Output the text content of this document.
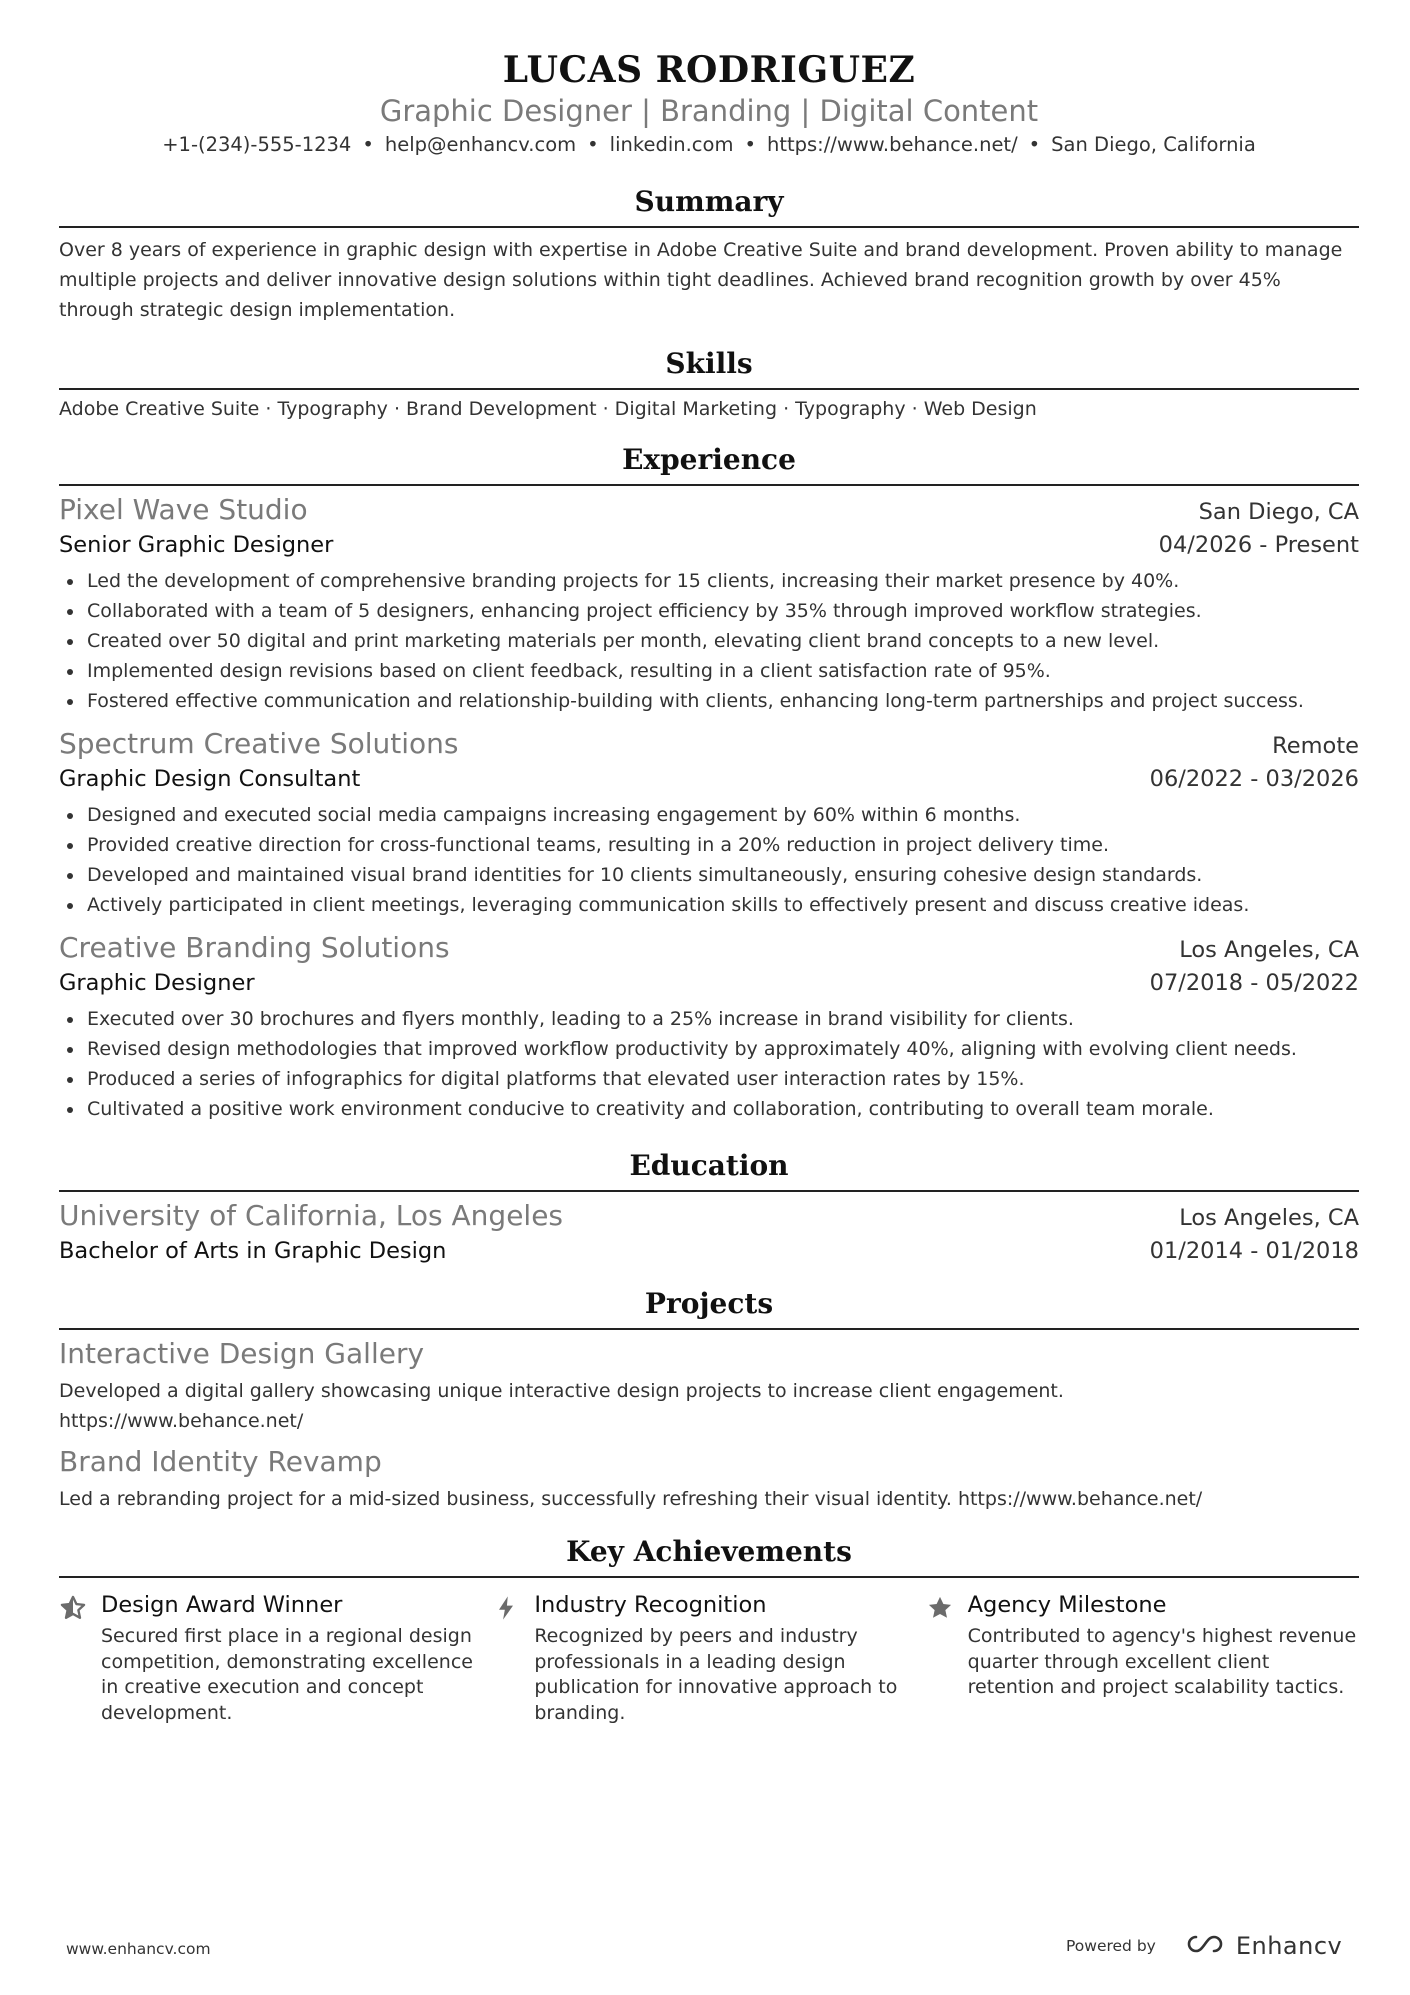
LUCAS RODRIGUEZ
Graphic Designer | Branding | Digital Content
+1-(234)-555-1234 • help@enhancv.com • linkedin.com • https://www.behance.net/ • San Diego, California
Summary
Over 8 years of experience in graphic design with expertise in Adobe Creative Suite and brand development. Proven ability to manage multiple projects and deliver innovative design solutions within tight deadlines. Achieved brand recognition growth by over 45% through strategic design implementation.
Skills
Adobe Creative Suite · Typography · Brand Development · Digital Marketing · Typography · Web Design
Experience
Pixel Wave Studio	San Diego, CA
Senior Graphic Designer	04/2026 - Present
Led the development of comprehensive branding projects for 15 clients, increasing their market presence by 40%.
Collaborated with a team of 5 designers, enhancing project efficiency by 35% through improved workflow strategies.
Created over 50 digital and print marketing materials per month, elevating client brand concepts to a new level.
Implemented design revisions based on client feedback, resulting in a client satisfaction rate of 95%.
Fostered effective communication and relationship-building with clients, enhancing long-term partnerships and project success.
Spectrum Creative Solutions	Remote
Graphic Design Consultant	06/2022 - 03/2026
Designed and executed social media campaigns increasing engagement by 60% within 6 months.
Provided creative direction for cross-functional teams, resulting in a 20% reduction in project delivery time.
Developed and maintained visual brand identities for 10 clients simultaneously, ensuring cohesive design standards.
Actively participated in client meetings, leveraging communication skills to effectively present and discuss creative ideas.
Creative Branding Solutions	Los Angeles, CA
Graphic Designer	07/2018 - 05/2022
Executed over 30 brochures and flyers monthly, leading to a 25% increase in brand visibility for clients.
Revised design methodologies that improved workflow productivity by approximately 40%, aligning with evolving client needs.
Produced a series of infographics for digital platforms that elevated user interaction rates by 15%.
Cultivated a positive work environment conducive to creativity and collaboration, contributing to overall team morale.
Education
University of California, Los Angeles	Los Angeles, CA
Bachelor of Arts in Graphic Design	01/2014 - 01/2018
Projects
Interactive Design Gallery
Developed a digital gallery showcasing unique interactive design projects to increase client engagement.
https://www.behance.net/
Brand Identity Revamp
Led a rebranding project for a mid-sized business, successfully refreshing their visual identity. https://www.behance.net/
Key Achievements
Design Award Winner
Secured first place in a regional design competition, demonstrating excellence in creative execution and concept development.
Industry Recognition
Recognized by peers and industry professionals in a leading design publication for innovative approach to branding.
Agency Milestone
Contributed to agency's highest revenue quarter through excellent client retention and project scalability tactics.
www.enhancv.com	Powered by	Enhancv
